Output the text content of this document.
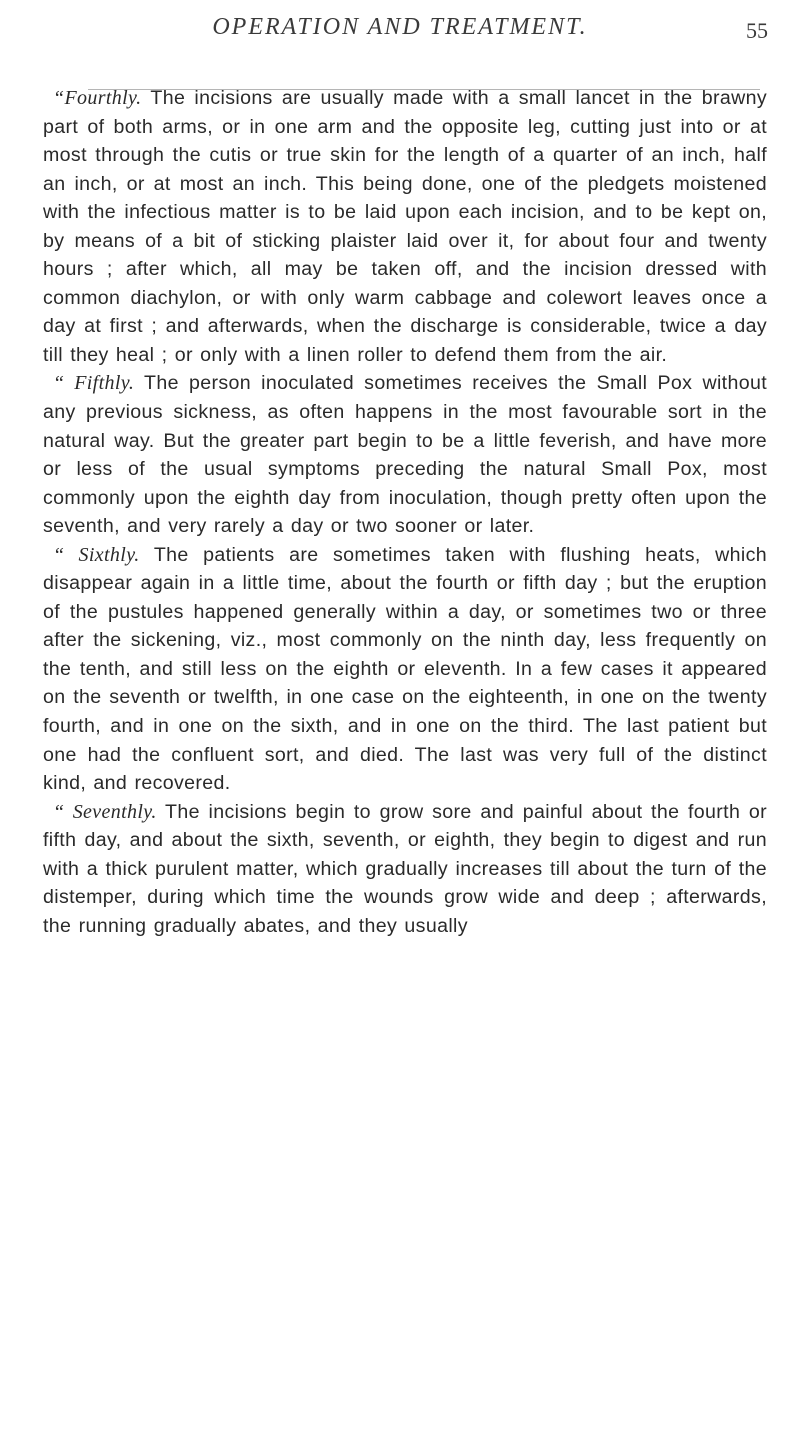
OPERATION AND TREATMENT.	55

“Fourthly. The incisions are usually made with a small lancet in the brawny part of both arms, or in one arm and the opposite leg, cutting just into or at most through the cutis or true skin for the length of a quarter of an inch, half an inch, or at most an inch. This being done, one of the pledgets moistened with the infectious matter is to be laid upon each incision, and to be kept on, by means of a bit of sticking plaister laid over it, for about four and twenty hours ; after which, all may be taken off, and the incision dressed with common diachylon, or with only warm cabbage and colewort leaves once a day at first ; and afterwards, when the discharge is considerable, twice a day till they heal ; or only with a linen roller to defend them from the air.

“ Fifthly. The person inoculated sometimes receives the Small Pox without any previous sickness, as often happens in the most favourable sort in the natural way. But the greater part begin to be a little feverish, and have more or less of the usual symptoms preceding the natural Small Pox, most commonly upon the eighth day from inoculation, though pretty often upon the seventh, and very rarely a day or two sooner or later.

“ Sixthly. The patients are sometimes taken with flushing heats, which disappear again in a little time, about the fourth or fifth day ; but the eruption of the pustules happened generally within a day, or sometimes two or three after the sickening, viz., most commonly on the ninth day, less frequently on the tenth, and still less on the eighth or eleventh. In a few cases it appeared on the seventh or twelfth, in one case on the eighteenth, in one on the twenty fourth, and in one on the sixth, and in one on the third. The last patient but one had the confluent sort, and died. The last was very full of the distinct kind, and recovered.

“ Seventhly. The incisions begin to grow sore and painful about the fourth or fifth day, and about the sixth, seventh, or eighth, they begin to digest and run with a thick purulent matter, which gradually increases till about the turn of the distemper, during which time the wounds grow wide and deep ; afterwards, the running gradually abates, and they usually
